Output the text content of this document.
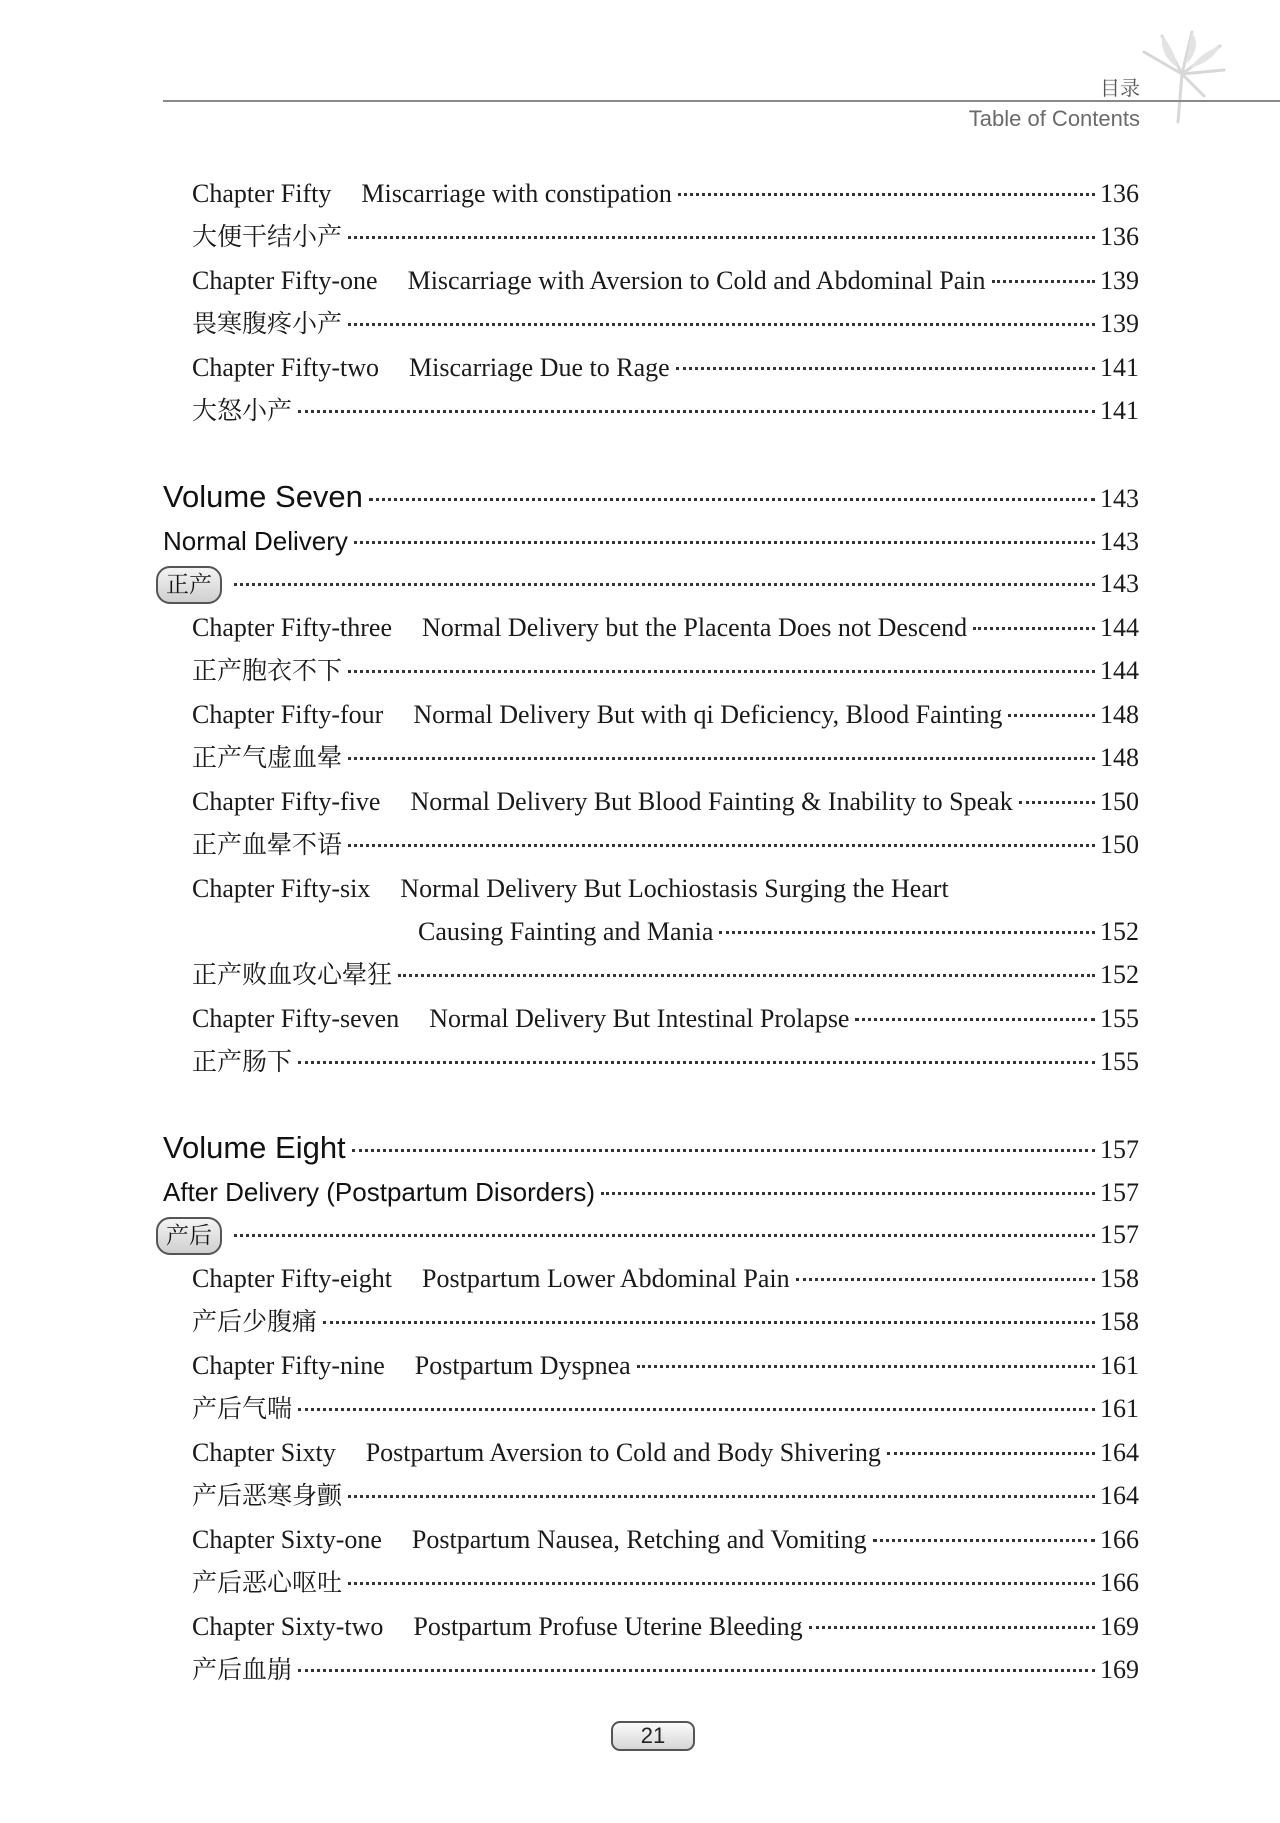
目录
Table of Contents
Chapter Fifty Miscarriage with constipation	136
大便干结小产	136
Chapter Fifty-one Miscarriage with Aversion to Cold and Abdominal Pain	139
畏寒腹疼小产	139
Chapter Fifty-two Miscarriage Due to Rage	141
大怒小产	141
Volume Seven	143
Normal Delivery	143
正产	143
Chapter Fifty-three Normal Delivery but the Placenta Does not Descend	144
正产胞衣不下	144
Chapter Fifty-four Normal Delivery But with qi Deficiency, Blood Fainting	148
正产气虚血晕	148
Chapter Fifty-five Normal Delivery But Blood Fainting & Inability to Speak	150
正产血晕不语	150
Chapter Fifty-six Normal Delivery But Lochiostasis Surging the Heart
Causing Fainting and Mania	152
正产败血攻心晕狂	152
Chapter Fifty-seven Normal Delivery But Intestinal Prolapse	155
正产肠下	155
Volume Eight	157
After Delivery (Postpartum Disorders)	157
产后	157
Chapter Fifty-eight Postpartum Lower Abdominal Pain	158
产后少腹痛	158
Chapter Fifty-nine Postpartum Dyspnea	161
产后气喘	161
Chapter Sixty Postpartum Aversion to Cold and Body Shivering	164
产后恶寒身颤	164
Chapter Sixty-one Postpartum Nausea, Retching and Vomiting	166
产后恶心呕吐	166
Chapter Sixty-two Postpartum Profuse Uterine Bleeding	169
产后血崩	169
21
